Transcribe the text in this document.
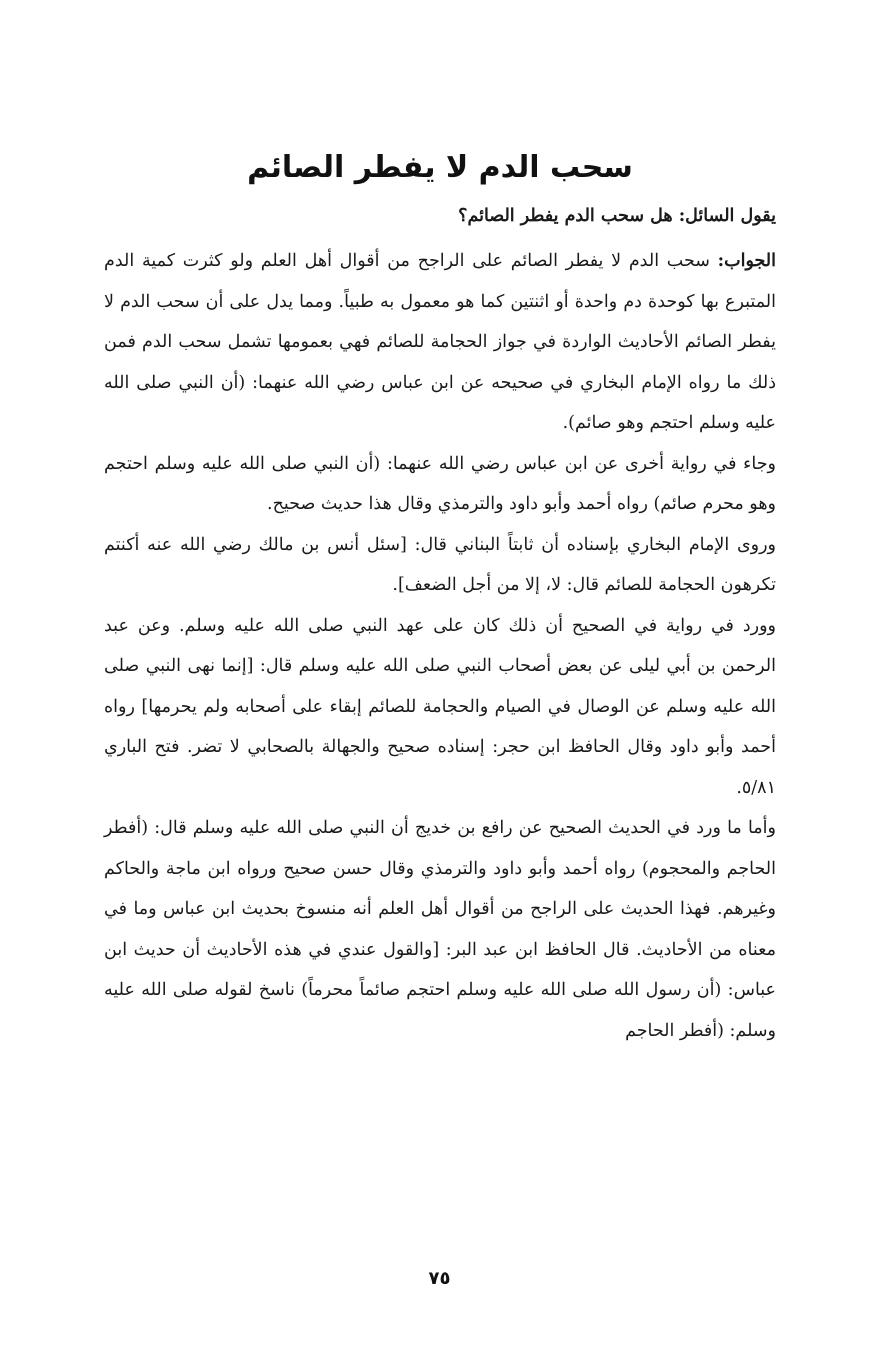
سحب الدم لا يفطر الصائم

يقول السائل: هل سحب الدم يفطر الصائم؟

الجواب: سحب الدم لا يفطر الصائم على الراجح من أقوال أهل العلم ولو كثرت كمية الدم المتبرع بها كوحدة دم واحدة أو اثنتين كما هو معمول به طبياً. ومما يدل على أن سحب الدم لا يفطر الصائم الأحاديث الواردة في جواز الحجامة للصائم فهي بعمومها تشمل سحب الدم فمن ذلك ما رواه الإمام البخاري في صحيحه عن ابن عباس رضي الله عنهما: (أن النبي صلى الله عليه وسلم احتجم وهو صائم).

وجاء في رواية أخرى عن ابن عباس رضي الله عنهما: (أن النبي صلى الله عليه وسلم احتجم وهو محرم صائم) رواه أحمد وأبو داود والترمذي وقال هذا حديث صحيح.

وروى الإمام البخاري بإسناده أن ثابتاً البناني قال: [سئل أنس بن مالك رضي الله عنه أكنتم تكرهون الحجامة للصائم قال: لا، إلا من أجل الضعف].

وورد في رواية في الصحيح أن ذلك كان على عهد النبي صلى الله عليه وسلم. وعن عبد الرحمن بن أبي ليلى عن بعض أصحاب النبي صلى الله عليه وسلم قال: [إنما نهى النبي صلى الله عليه وسلم عن الوصال في الصيام والحجامة للصائم إبقاء على أصحابه ولم يحرمها] رواه أحمد وأبو داود وقال الحافظ ابن حجر: إسناده صحيح والجهالة بالصحابي لا تضر. فتح الباري ٥/٨١.

وأما ما ورد في الحديث الصحيح عن رافع بن خديج أن النبي صلى الله عليه وسلم قال: (أفطر الحاجم والمحجوم) رواه أحمد وأبو داود والترمذي وقال حسن صحيح ورواه ابن ماجة والحاكم وغيرهم. فهذا الحديث على الراجح من أقوال أهل العلم أنه منسوخ بحديث ابن عباس وما في معناه من الأحاديث. قال الحافظ ابن عبد البر: [والقول عندي في هذه الأحاديث أن حديث ابن عباس: (أن رسول الله صلى الله عليه وسلم احتجم صائماً محرماً) ناسخ لقوله صلى الله عليه وسلم: (أفطر الحاجم

٧٥
